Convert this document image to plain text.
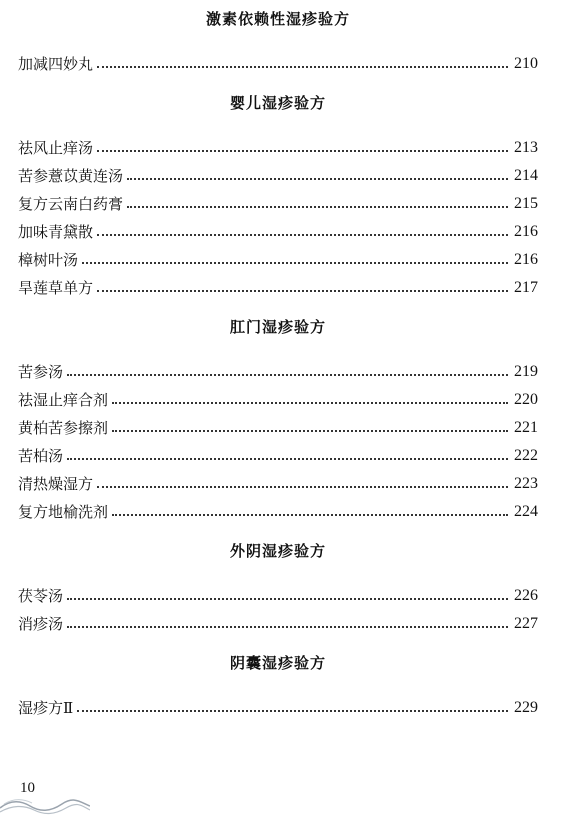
激素依赖性湿疹验方
加减四妙丸	210
婴儿湿疹验方
祛风止痒汤	213
苦参薏苡黄连汤	214
复方云南白药膏	215
加味青黛散	216
樟树叶汤	216
旱莲草单方	217
肛门湿疹验方
苦参汤	219
祛湿止痒合剂	220
黄柏苦参擦剂	221
苦柏汤	222
清热燥湿方	223
复方地榆洗剂	224
外阴湿疹验方
茯苓汤	226
消疹汤	227
阴囊湿疹验方
湿疹方Ⅱ	229
10
